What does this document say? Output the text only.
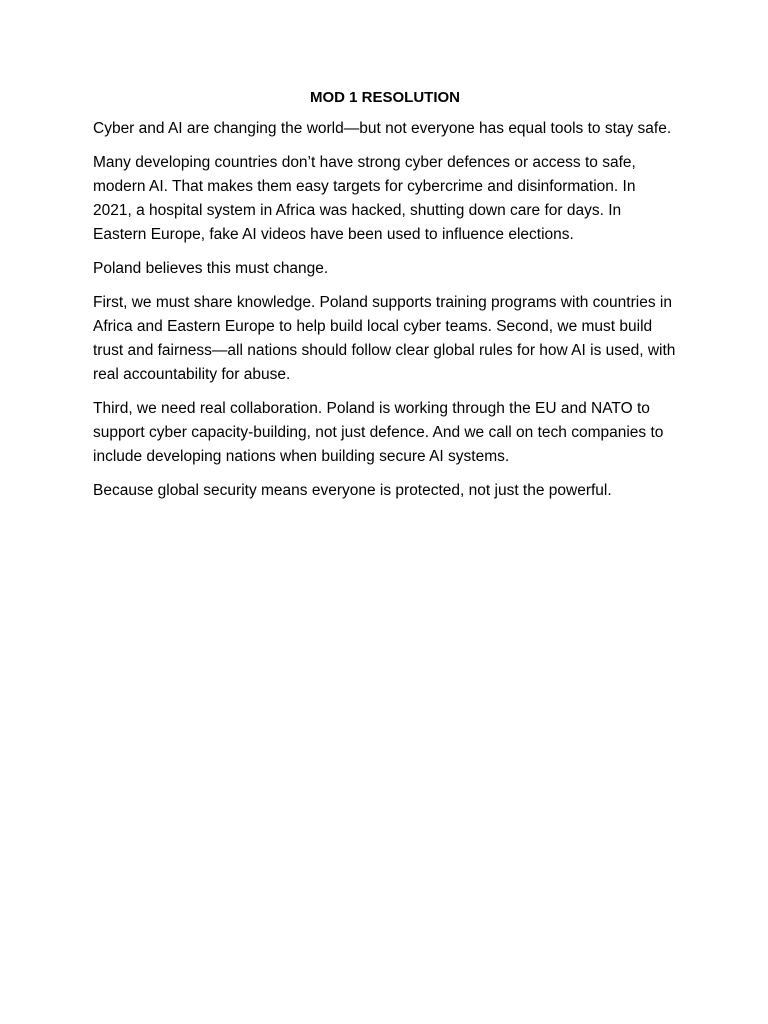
MOD 1 RESOLUTION

Cyber and AI are changing the world—but not everyone has equal tools to stay safe.

Many developing countries don’t have strong cyber defences or access to safe, modern AI. That makes them easy targets for cybercrime and disinformation. In 2021, a hospital system in Africa was hacked, shutting down care for days. In Eastern Europe, fake AI videos have been used to influence elections.

Poland believes this must change.

First, we must share knowledge. Poland supports training programs with countries in Africa and Eastern Europe to help build local cyber teams. Second, we must build trust and fairness—all nations should follow clear global rules for how AI is used, with real accountability for abuse.

Third, we need real collaboration. Poland is working through the EU and NATO to support cyber capacity-building, not just defence. And we call on tech companies to include developing nations when building secure AI systems.

Because global security means everyone is protected, not just the powerful.
